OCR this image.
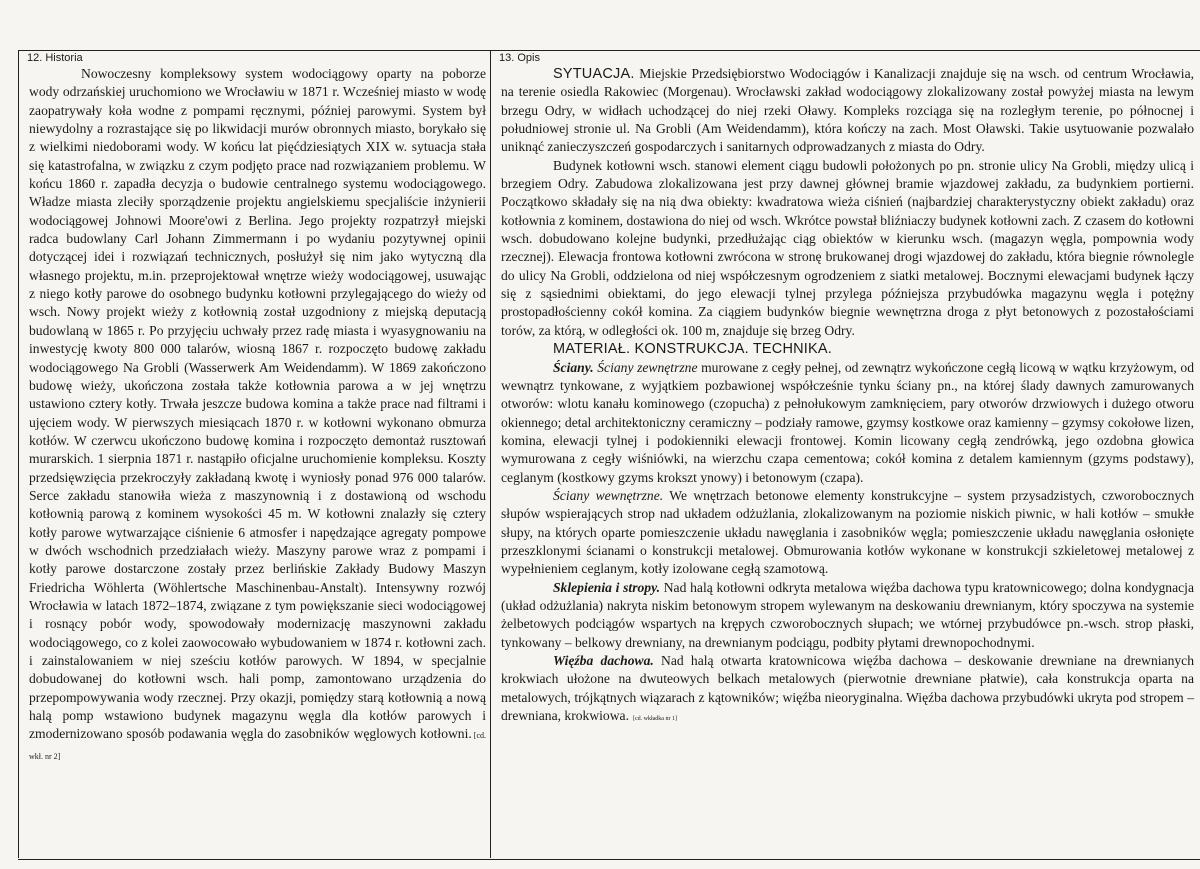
12. Historia

Nowoczesny kompleksowy system wodociągowy oparty na poborze wody odrzańskiej uruchomiono we Wrocławiu w 1871 r. Wcześniej miasto w wodę zaopatrywały koła wodne z pompami ręcznymi, później parowymi. System był niewydolny a rozrastające się po likwidacji murów obronnych miasto, borykało się z wielkimi niedoborami wody. W końcu lat pięćdziesiątych XIX w. sytuacja stała się katastrofalna, w związku z czym podjęto prace nad rozwiązaniem problemu. W końcu 1860 r. zapadła decyzja o budowie centralnego systemu wodociągowego. Władze miasta zleciły sporządzenie projektu angielskiemu specjaliście inżynierii wodociągowej Johnowi Moore'owi z Berlina. Jego projekty rozpatrzył miejski radca budowlany Carl Johann Zimmermann i po wydaniu pozytywnej opinii dotyczącej idei i rozwiązań technicznych, posłużył się nim jako wytyczną dla własnego projektu, m.in. przeprojektował wnętrze wieży wodociągowej, usuwając z niego kotły parowe do osobnego budynku kotłowni przylegającego do wieży od wsch. Nowy projekt wieży z kotłownią został uzgodniony z miejską deputacją budowlaną w 1865 r. Po przyjęciu uchwały przez radę miasta i wyasygnowaniu na inwestycję kwoty 800 000 talarów, wiosną 1867 r. rozpoczęto budowę zakładu wodociągowego Na Grobli (Wasserwerk Am Weidendamm). W 1869 zakończono budowę wieży, ukończona została także kotłownia parowa a w jej wnętrzu ustawiono cztery kotły. Trwała jeszcze budowa komina a także prace nad filtrami i ujęciem wody. W pierwszych miesiącach 1870 r. w kotłowni wykonano obmurza kotłów. W czerwcu ukończono budowę komina i rozpoczęto demontaż rusztowań murarskich. 1 sierpnia 1871 r. nastąpiło oficjalne uruchomienie kompleksu. Koszty przedsięwzięcia przekroczyły zakładaną kwotę i wyniosły ponad 976 000 talarów. Serce zakładu stanowiła wieża z maszynownią i z dostawioną od wschodu kotłownią parową z kominem wysokości 45 m. W kotłowni znalazły się cztery kotły parowe wytwarzające ciśnienie 6 atmosfer i napędzające agregaty pompowe w dwóch wschodnich przedziałach wieży. Maszyny parowe wraz z pompami i kotły parowe dostarczone zostały przez berlińskie Zakłady Budowy Maszyn Friedricha Wöhlerta (Wöhlertsche Maschinenbau-Anstalt). Intensywny rozwój Wrocławia w latach 1872–1874, związane z tym powiększanie sieci wodociągowej i rosnący pobór wody, spowodowały modernizację maszynowni zakładu wodociągowego, co z kolei zaowocowało wybudowaniem w 1874 r. kotłowni zach. i zainstalowaniem w niej sześciu kotłów parowych. W 1894, w specjalnie dobudowanej do kotłowni wsch. hali pomp, zamontowano urządzenia do przepompowywania wody rzecznej. Przy okazji, pomiędzy starą kotłownią a nową halą pomp wstawiono budynek magazynu węgla dla kotłów parowych i zmodernizowano sposób podawania węgla do zasobników węglowych kotłowni. [cd. wkł. nr 2]

13. Opis

SYTUACJA. Miejskie Przedsiębiorstwo Wodociągów i Kanalizacji znajduje się na wsch. od centrum Wrocławia, na terenie osiedla Rakowiec (Morgenau). Wrocławski zakład wodociągowy zlokalizowany został powyżej miasta na lewym brzegu Odry, w widłach uchodzącej do niej rzeki Oławy. Kompleks rozciąga się na rozległym terenie, po północnej i południowej stronie ul. Na Grobli (Am Weidendamm), która kończy na zach. Most Oławski. Takie usytuowanie pozwalało uniknąć zanieczyszczeń gospodarczych i sanitarnych odprowadzanych z miasta do Odry.

Budynek kotłowni wsch. stanowi element ciągu budowli położonych po pn. stronie ulicy Na Grobli, między ulicą i brzegiem Odry. Zabudowa zlokalizowana jest przy dawnej głównej bramie wjazdowej zakładu, za budynkiem portierni. Początkowo składały się na nią dwa obiekty: kwadratowa wieża ciśnień (najbardziej charakterystyczny obiekt zakładu) oraz kotłownia z kominem, dostawiona do niej od wsch. Wkrótce powstał bliźniaczy budynek kotłowni zach. Z czasem do kotłowni wsch. dobudowano kolejne budynki, przedłużając ciąg obiektów w kierunku wsch. (magazyn węgla, pompownia wody rzecznej). Elewacja frontowa kotłowni zwrócona w stronę brukowanej drogi wjazdowej do zakładu, która biegnie równolegle do ulicy Na Grobli, oddzielona od niej współczesnym ogrodzeniem z siatki metalowej. Bocznymi elewacjami budynek łączy się z sąsiednimi obiektami, do jego elewacji tylnej przylega późniejsza przybudówka magazynu węgla i potężny prostopadłościenny cokół komina. Za ciągiem budynków biegnie wewnętrzna droga z płyt betonowych z pozostałościami torów, za którą, w odległości ok. 100 m, znajduje się brzeg Odry.

MATERIAŁ. KONSTRUKCJA. TECHNIKA.

Ściany. Ściany zewnętrzne murowane z cegły pełnej, od zewnątrz wykończone cegłą licową w wątku krzyżowym, od wewnątrz tynkowane, z wyjątkiem pozbawionej współcześnie tynku ściany pn., na której ślady dawnych zamurowanych otworów: wlotu kanału kominowego (czopucha) z pełnołukowym zamknięciem, pary otworów drzwiowych i dużego otworu okiennego; detal architektoniczny ceramiczny – podziały ramowe, gzymsy kostkowe oraz kamienny – gzymsy cokołowe lizen, komina, elewacji tylnej i podokienniki elewacji frontowej. Komin licowany cegłą zendrówką, jego ozdobna głowica wymurowana z cegły wiśniówki, na wierzchu czapa cementowa; cokół komina z detalem kamiennym (gzyms podstawy), ceglanym (kostkowy gzyms krokszt ynowy) i betonowym (czapa).

Ściany wewnętrzne. We wnętrzach betonowe elementy konstrukcyjne – system przysadzistych, czworobocznych słupów wspierających strop nad układem odżużlania, zlokalizowanym na poziomie niskich piwnic, w hali kotłów – smukłe słupy, na których oparte pomieszczenie układu nawęglania i zasobników węgla; pomieszczenie układu nawęglania osłonięte przeszklonymi ścianami o konstrukcji metalowej. Obmurowania kotłów wykonane w konstrukcji szkieletowej metalowej z wypełnieniem ceglanym, kotły izolowane cegłą szamotową.

Sklepienia i stropy. Nad halą kotłowni odkryta metalowa więźba dachowa typu kratownicowego; dolna kondygnacja (układ odżużlania) nakryta niskim betonowym stropem wylewanym na deskowaniu drewnianym, który spoczywa na systemie żelbetowych podciągów wspartych na krępych czworobocznych słupach; we wtórnej przybudówce pn.-wsch. strop płaski, tynkowany – belkowy drewniany, na drewnianym podciągu, podbity płytami drewnopochodnymi.

Więźba dachowa. Nad halą otwarta kratownicowa więźba dachowa – deskowanie drewniane na drewnianych krokwiach ułożone na dwuteowych belkach metalowych (pierwotnie drewniane płatwie), cała konstrukcja oparta na metalowych, trójkątnych wiązarach z kątowników; więźba nieoryginalna. Więźba dachowa przybudówki ukryta pod stropem – drewniana, krokwiowa. [cd. wkładka nr 1]
